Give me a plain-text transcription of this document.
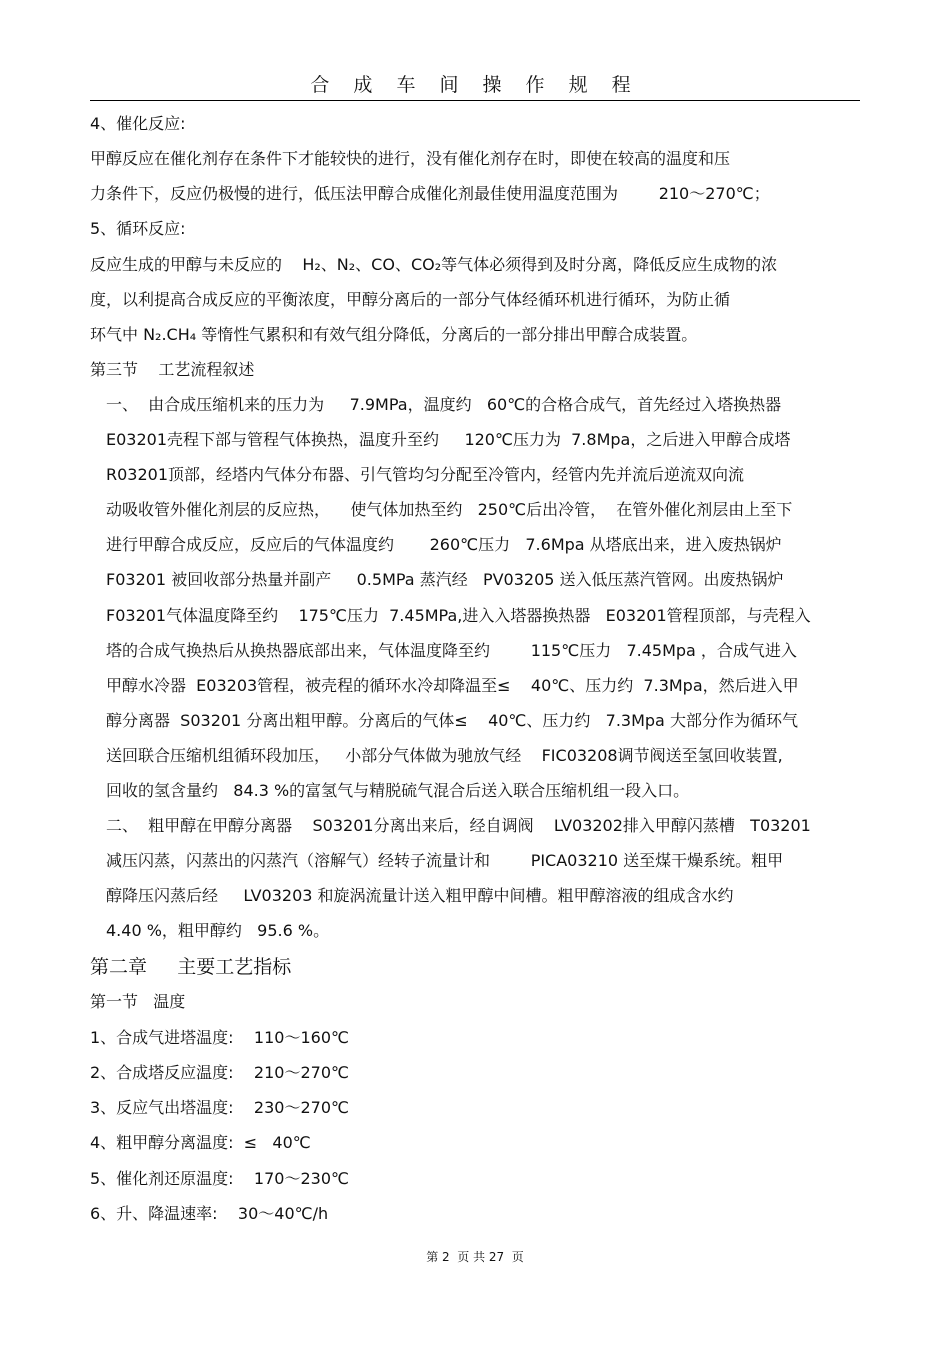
合 成 车 间 操 作 规 程
4、催化反应:
甲醇反应在催化剂存在条件下才能较快的进行，没有催化剂存在时，即使在较高的温度和压
力条件下，反应仍极慢的进行，低压法甲醇合成催化剂最佳使用温度范围为        210～270℃；
5、循环反应:
反应生成的甲醇与未反应的    H₂、N₂、CO、CO₂等气体必须得到及时分离，降低反应生成物的浓
度，以利提高合成反应的平衡浓度，甲醇分离后的一部分气体经循环机进行循环，为防止循
环气中 N₂.CH₄ 等惰性气累积和有效气组分降低，分离后的一部分排出甲醇合成装置。
第三节    工艺流程叙述
一、  由合成压缩机来的压力为     7.9MPa，温度约   60℃的合格合成气，首先经过入塔换热器
E03201壳程下部与管程气体换热，温度升至约     120℃压力为  7.8Mpa，之后进入甲醇合成塔
R03201顶部，经塔内气体分布器、引气管均匀分配至冷管内，经管内先并流后逆流双向流
动吸收管外催化剂层的反应热，    使气体加热至约   250℃后出冷管，  在管外催化剂层由上至下
进行甲醇合成反应，反应后的气体温度约       260℃压力   7.6Mpa 从塔底出来，进入废热锅炉
F03201 被回收部分热量并副产     0.5MPa 蒸汽经   PV03205 送入低压蒸汽管网。出废热锅炉
F03201气体温度降至约    175℃压力  7.45MPa,进入入塔器换热器   E03201管程顶部，与壳程入
塔的合成气换热后从换热器底部出来，气体温度降至约        115℃压力   7.45Mpa ，合成气进入
甲醇水冷器  E03203管程，被壳程的循环水冷却降温至≤    40℃、压力约  7.3Mpa，然后进入甲
醇分离器  S03201 分离出粗甲醇。分离后的气体≤    40℃、压力约   7.3Mpa 大部分作为循环气
送回联合压缩机组循环段加压，   小部分气体做为驰放气经    FIC03208调节阀送至氢回收装置,
回收的氢含量约   84.3 %的富氢气与精脱硫气混合后送入联合压缩机组一段入口。
二、  粗甲醇在甲醇分离器    S03201分离出来后，经自调阀    LV03202排入甲醇闪蒸槽   T03201
减压闪蒸，闪蒸出的闪蒸汽（溶解气）经转子流量计和        PICA03210 送至煤干燥系统。粗甲
醇降压闪蒸后经     LV03203 和旋涡流量计送入粗甲醇中间槽。粗甲醇溶液的组成含水约
4.40 %，粗甲醇约   95.6 %。
第二章     主要工艺指标
第一节   温度
1、合成气进塔温度:    110～160℃
2、合成塔反应温度:    210～270℃
3、反应气出塔温度:    230～270℃
4、粗甲醇分离温度:  ≤   40℃
5、催化剂还原温度:    170～230℃
6、升、降温速率:    30～40℃/h
第 2  页 共 27  页
